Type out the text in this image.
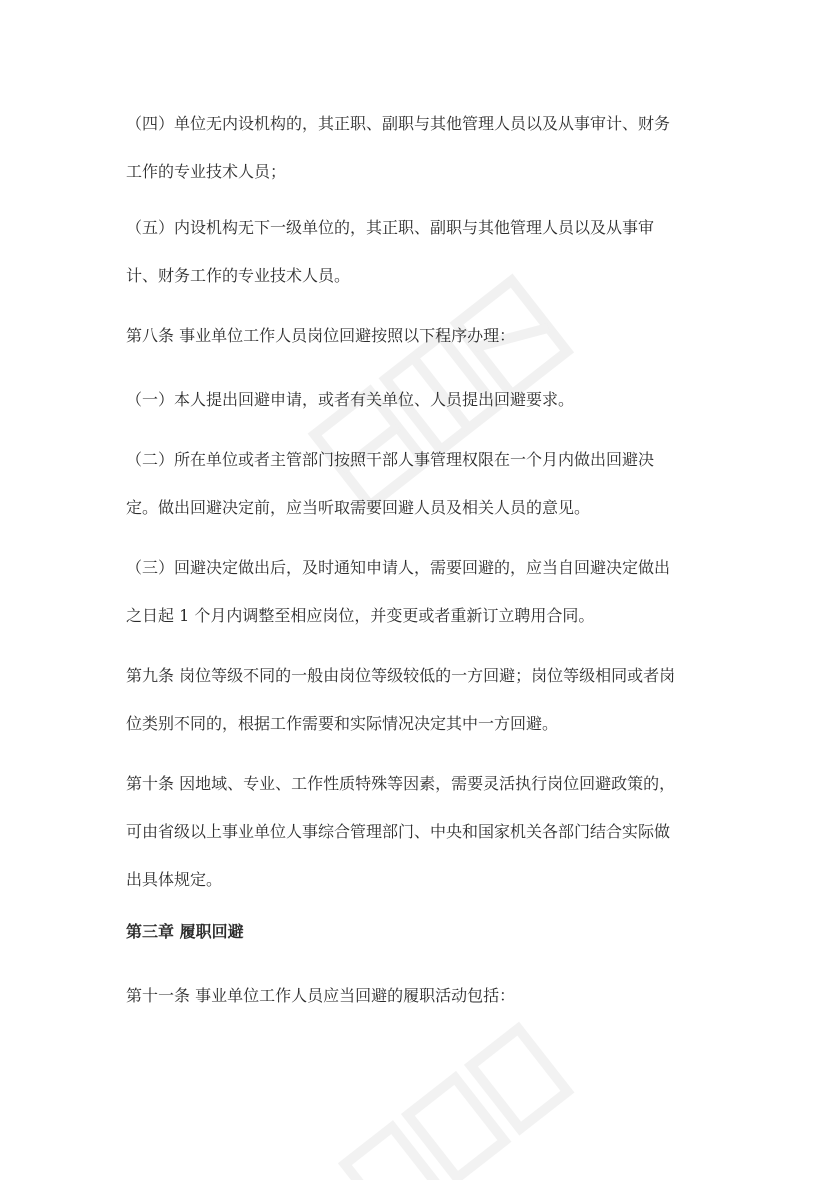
（四）单位无内设机构的，其正职、副职与其他管理人员以及从事审计、财务
工作的专业技术人员；
（五）内设机构无下一级单位的，其正职、副职与其他管理人员以及从事审
计、财务工作的专业技术人员。
第八条 事业单位工作人员岗位回避按照以下程序办理：
（一）本人提出回避申请，或者有关单位、人员提出回避要求。
（二）所在单位或者主管部门按照干部人事管理权限在一个月内做出回避决
定。做出回避决定前，应当听取需要回避人员及相关人员的意见。
（三）回避决定做出后，及时通知申请人，需要回避的，应当自回避决定做出
之日起 1 个月内调整至相应岗位，并变更或者重新订立聘用合同。
第九条 岗位等级不同的一般由岗位等级较低的一方回避；岗位等级相同或者岗
位类别不同的，根据工作需要和实际情况决定其中一方回避。
第十条 因地域、专业、工作性质特殊等因素，需要灵活执行岗位回避政策的，
可由省级以上事业单位人事综合管理部门、中央和国家机关各部门结合实际做
出具体规定。
第三章 履职回避
第十一条 事业单位工作人员应当回避的履职活动包括：
